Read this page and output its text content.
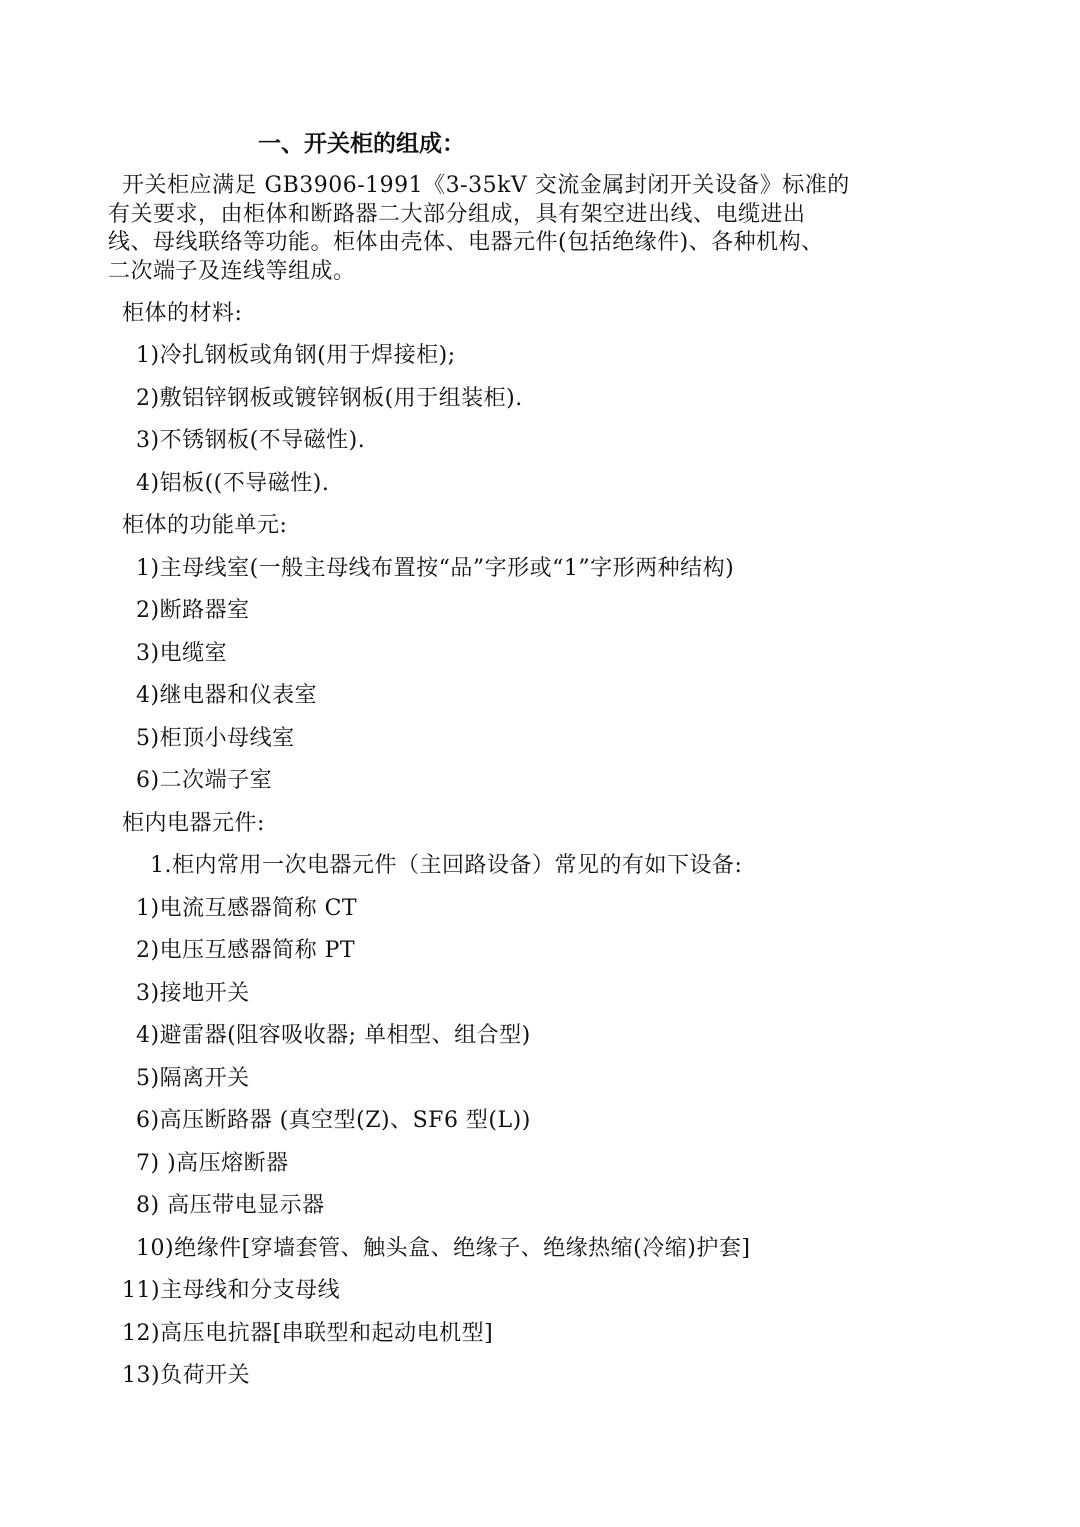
一、开关柜的组成：
开关柜应满足 GB3906-1991《3-35kV 交流金属封闭开关设备》标准的
有关要求，由柜体和断路器二大部分组成，具有架空进出线、电缆进出
线、母线联络等功能。柜体由壳体、电器元件(包括绝缘件)、各种机构、
二次端子及连线等组成。
柜体的材料:
1)冷扎钢板或角钢(用于焊接柜);
2)敷铝锌钢板或镀锌钢板(用于组装柜).
3)不锈钢板(不导磁性).
4)铝板((不导磁性).
柜体的功能单元:
1)主母线室(一般主母线布置按“品”字形或“1”字形两种结构)
2)断路器室
3)电缆室
4)继电器和仪表室
5)柜顶小母线室
6)二次端子室
柜内电器元件:
1.柜内常用一次电器元件（主回路设备）常见的有如下设备:
1)电流互感器简称 CT
2)电压互感器简称 PT
3)接地开关
4)避雷器(阻容吸收器; 单相型、组合型)
5)隔离开关
6)高压断路器 (真空型(Z)、SF6 型(L))
7) )高压熔断器
8) 高压带电显示器
10)绝缘件[穿墙套管、触头盒、绝缘子、绝缘热缩(冷缩)护套]
11)主母线和分支母线
12)高压电抗器[串联型和起动电机型]
13)负荷开关
